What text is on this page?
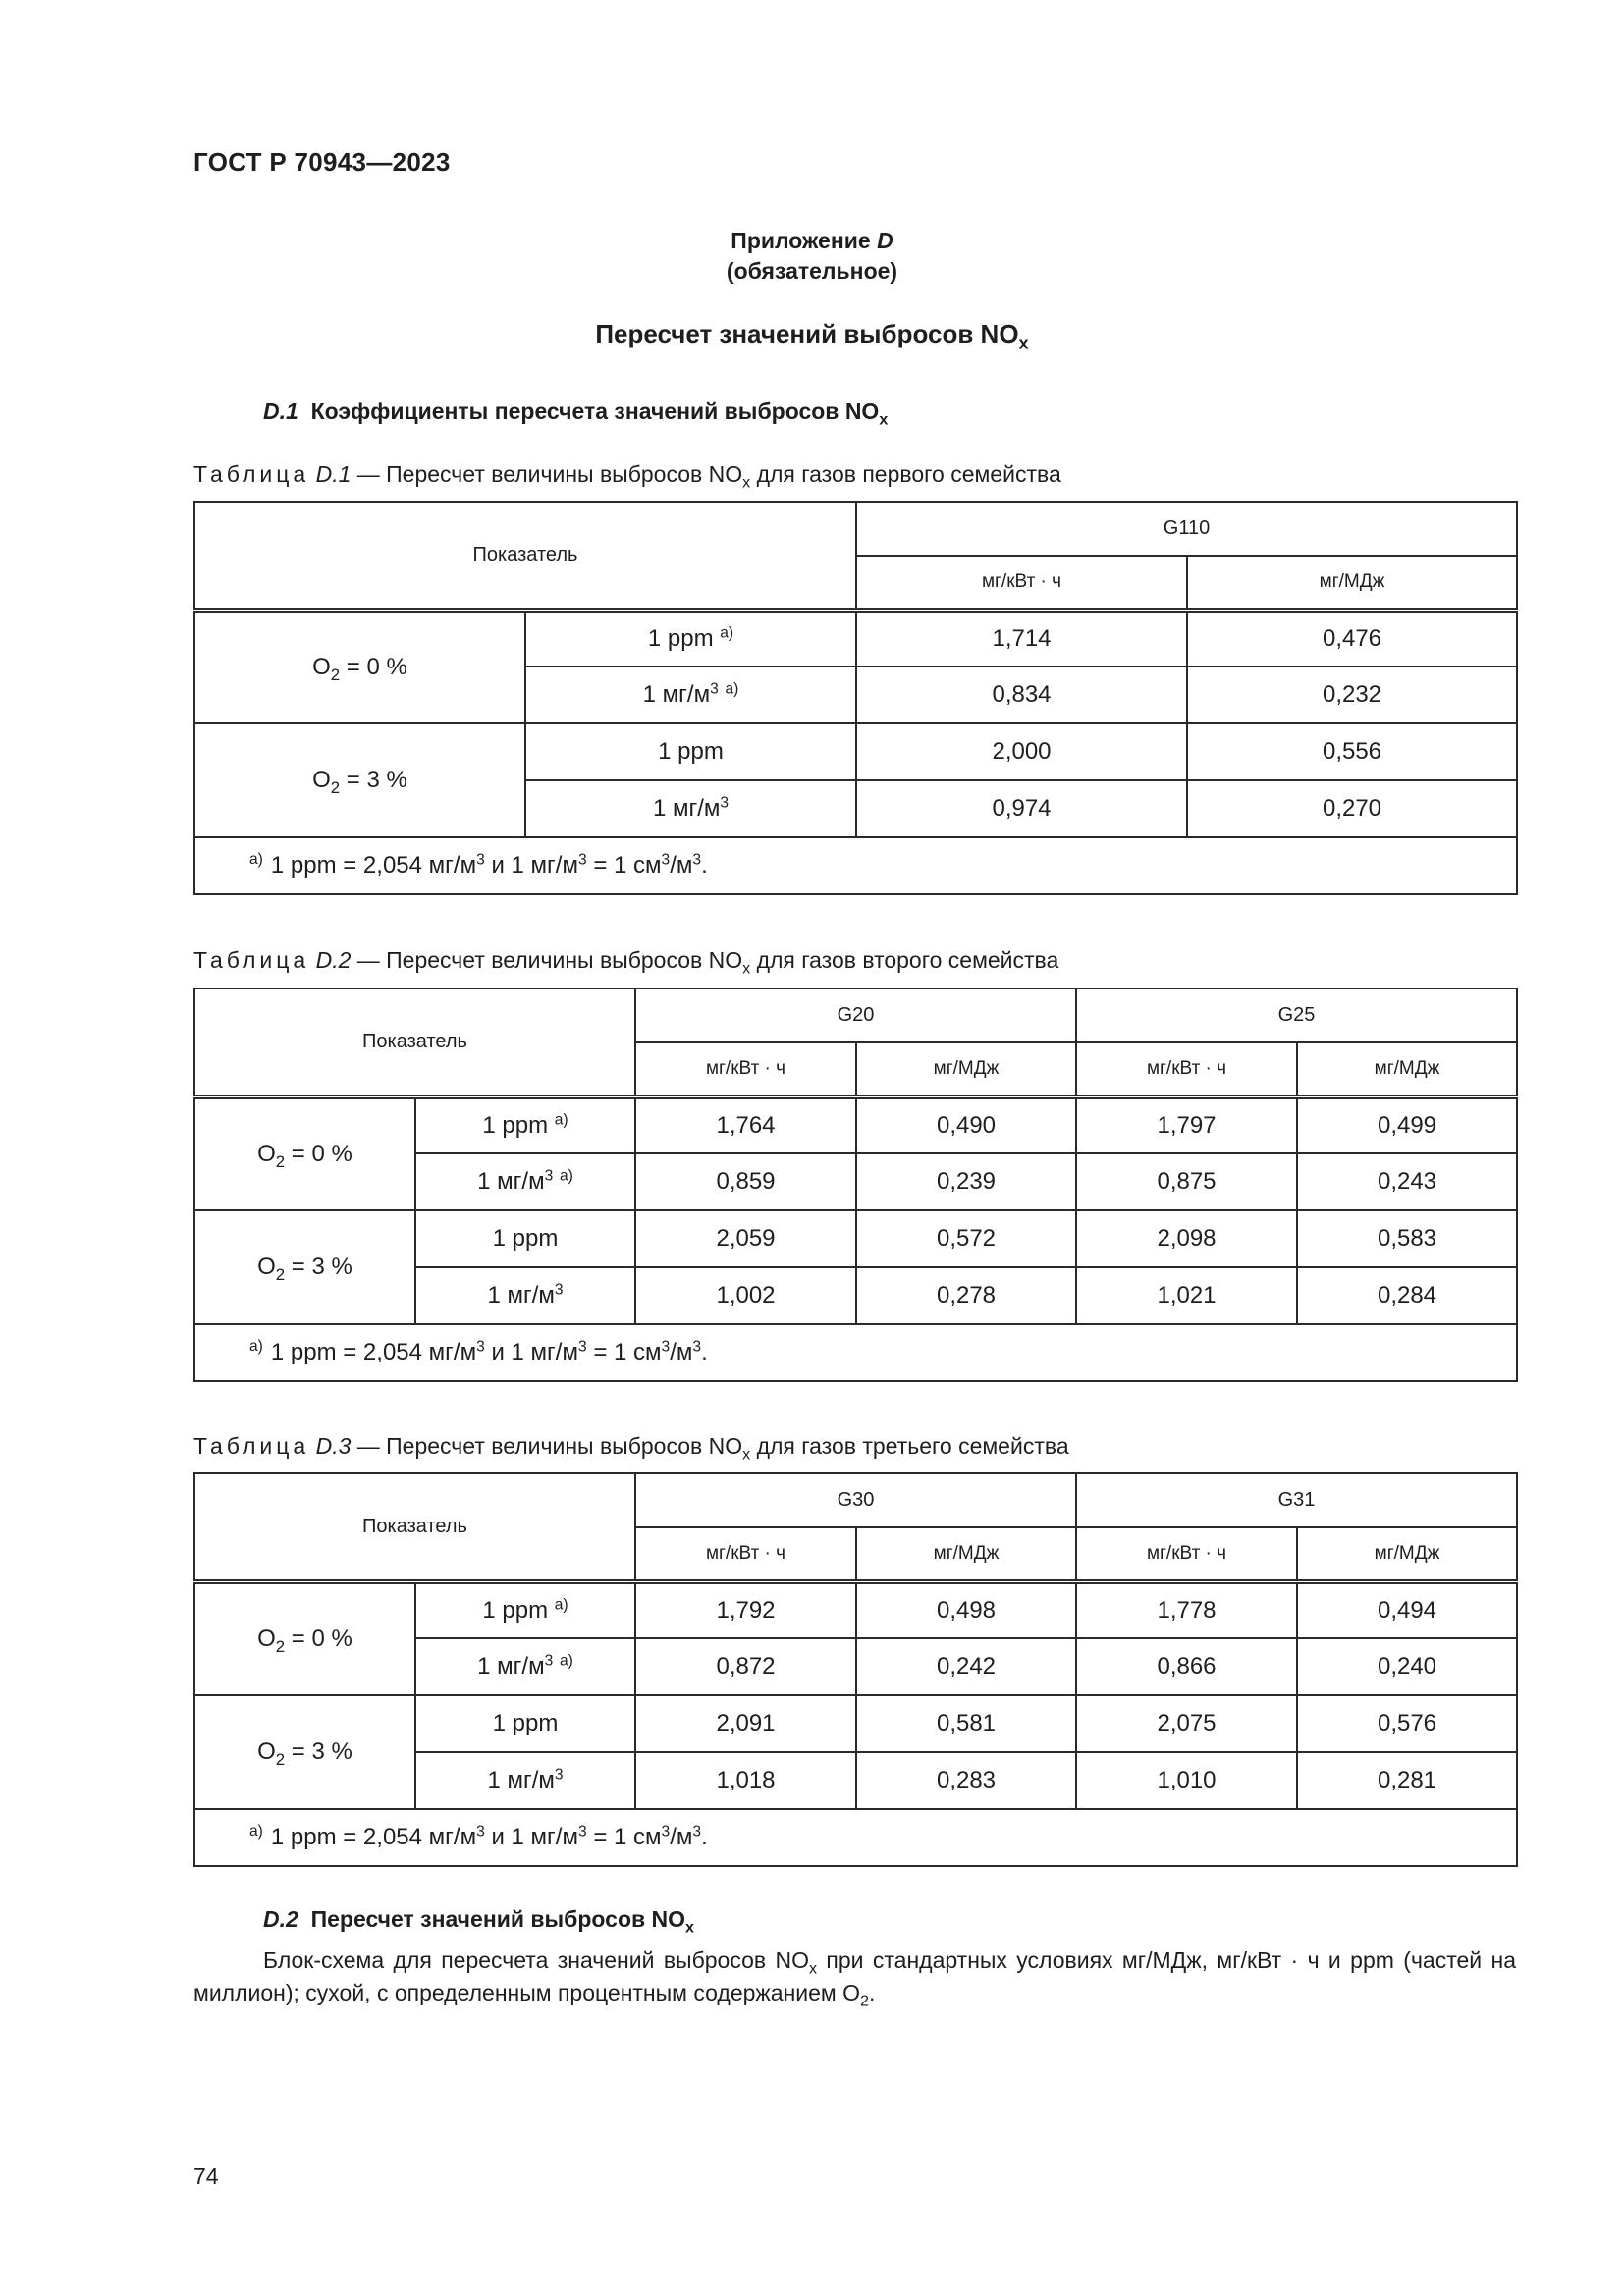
ГОСТ Р 70943—2023
Приложение D
(обязательное)
Пересчет значений выбросов $NO_x$
D.1 Коэффициенты пересчета значений выбросов $NO_x$
Таблица D.1 — Пересчет величины выбросов $NO_x$ для газов первого семейства
Показатель		G110	
		мг/кВт · ч	мг/МДж
$O_2 = 0$ %	1 ppm $^{а)}$	1,714	0,476
	1 $мг/м^3$ $^{а)}$	0,834	0,232
$O_2 = 3$ %	1 ppm	2,000	0,556
	1 $мг/м^3$	0,974	0,270
$^{а)}$ 1 ppm = 2,054 $мг/м^3$ и 1 $мг/м^3 = 1$ $см^3/м^3$.			
Таблица D.2 — Пересчет величины выбросов $NO_x$ для газов второго семейства
Показатель		G20		G25	
		мг/кВт · ч	мг/МДж	мг/кВт · ч	мг/МДж
$O_2 = 0$ %	1 ppm $^{а)}$	1,764	0,490	1,797	0,499
	1 $мг/м^3$ $^{а)}$	0,859	0,239	0,875	0,243
$O_2 = 3$ %	1 ppm	2,059	0,572	2,098	0,583
	1 $мг/м^3$	1,002	0,278	1,021	0,284
$^{а)}$ 1 ppm = 2,054 $мг/м^3$ и 1 $мг/м^3 = 1$ $см^3/м^3$.					
Таблица D.3 — Пересчет величины выбросов $NO_x$ для газов третьего семейства
Показатель		G30		G31	
		мг/кВт · ч	мг/МДж	мг/кВт · ч	мг/МДж
$O_2 = 0$ %	1 ppm $^{а)}$	1,792	0,498	1,778	0,494
	1 $мг/м^3$ $^{а)}$	0,872	0,242	0,866	0,240
$O_2 = 3$ %	1 ppm	2,091	0,581	2,075	0,576
	1 $мг/м^3$	1,018	0,283	1,010	0,281
$^{а)}$ 1 ppm = 2,054 $мг/м^3$ и 1 $мг/м^3 = 1$ $см^3/м^3$.					
D.2 Пересчет значений выбросов $NO_x$
Блок-схема для пересчета значений выбросов $NO_x$ при стандартных условиях мг/МДж, мг/кВт · ч и ppm (частей на миллион); сухой, с определенным процентным содержанием $O_2$.
74
